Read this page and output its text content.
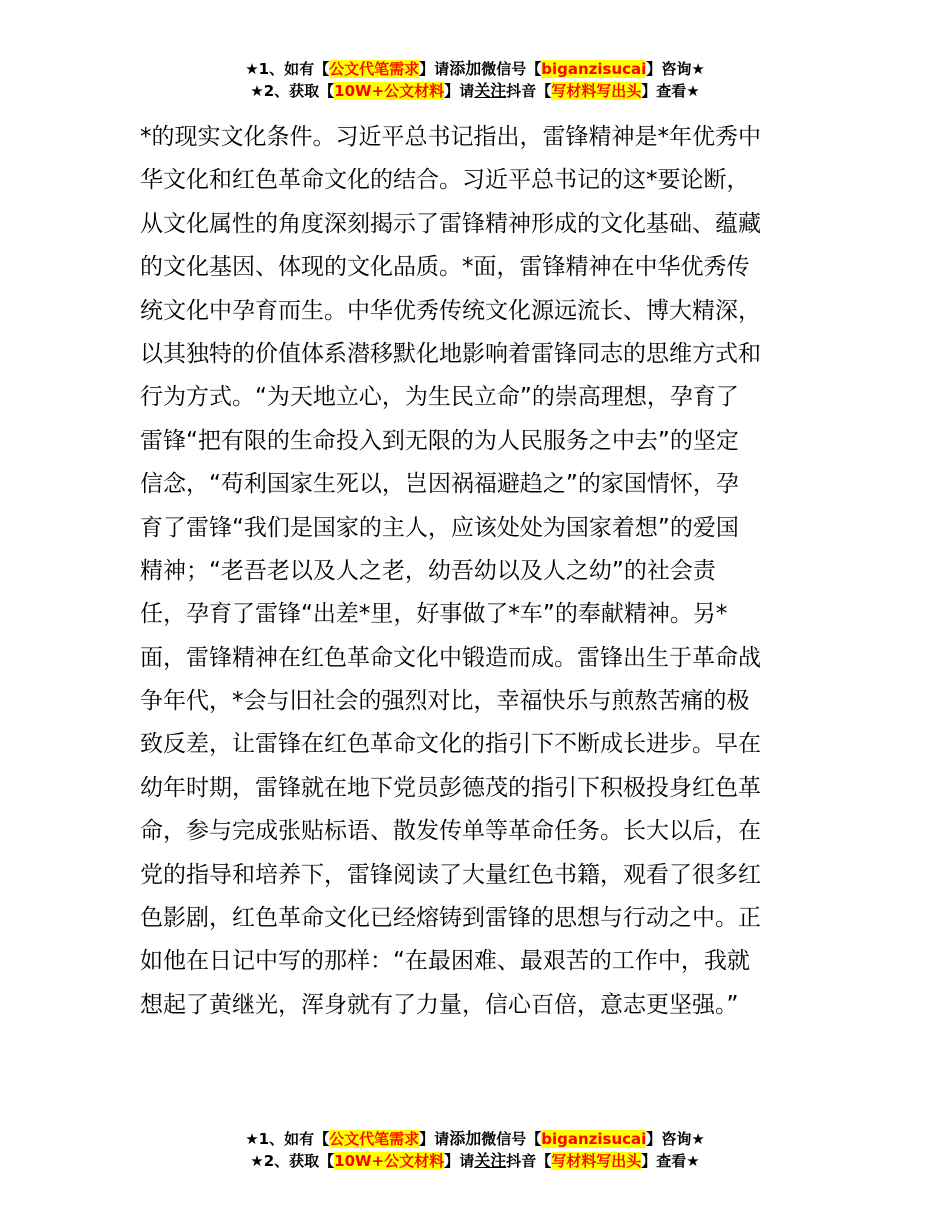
★1、如有【公文代笔需求】请添加微信号【biganzisucai】咨询★
★2、获取【10W+公文材料】请关注抖音【写材料写出头】查看★
*的现实文化条件。习近平总书记指出，雷锋精神是*年优秀中
华文化和红色革命文化的结合。习近平总书记的这*要论断，
从文化属性的角度深刻揭示了雷锋精神形成的文化基础、蕴藏
的文化基因、体现的文化品质。*面，雷锋精神在中华优秀传
统文化中孕育而生。中华优秀传统文化源远流长、博大精深，
以其独特的价值体系潜移默化地影响着雷锋同志的思维方式和
行为方式。“为天地立心，为生民立命”的崇高理想，孕育了
雷锋“把有限的生命投入到无限的为人民服务之中去”的坚定
信念，“苟利国家生死以，岂因祸福避趋之”的家国情怀，孕
育了雷锋“我们是国家的主人，应该处处为国家着想”的爱国
精神；“老吾老以及人之老，幼吾幼以及人之幼”的社会责
任，孕育了雷锋“出差*里，好事做了*车”的奉献精神。另*
面，雷锋精神在红色革命文化中锻造而成。雷锋出生于革命战
争年代，*会与旧社会的强烈对比，幸福快乐与煎熬苦痛的极
致反差，让雷锋在红色革命文化的指引下不断成长进步。早在
幼年时期，雷锋就在地下党员彭德茂的指引下积极投身红色革
命，参与完成张贴标语、散发传单等革命任务。长大以后，在
党的指导和培养下，雷锋阅读了大量红色书籍，观看了很多红
色影剧，红色革命文化已经熔铸到雷锋的思想与行动之中。正
如他在日记中写的那样：“在最困难、最艰苦的工作中，我就
想起了黄继光，浑身就有了力量，信心百倍，意志更坚强。”
★1、如有【公文代笔需求】请添加微信号【biganzisucai】咨询★
★2、获取【10W+公文材料】请关注抖音【写材料写出头】查看★
